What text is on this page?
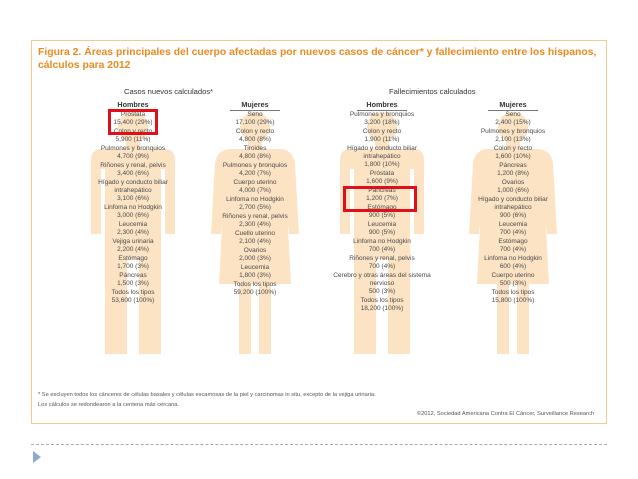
Figura 2. Áreas principales del cuerpo afectadas por nuevos casos de cáncer* y fallecimiento entre los hispanos, cálculos para 2012
Casos nuevos calculados*	Fallecimientos calculados
Hombres
Próstata
15,400 (29%)
Colon y recto
5,900 (11%)
Pulmones y bronquios
4,700 (9%)
Riñones y renal, pelvis
3,400 (6%)
Hígado y conducto biliar intrahepático
3,100 (6%)
Linfoma no Hodgkin
3,000 (6%)
Leucemia
2,300 (4%)
Vejiga urinaria
2,200 (4%)
Estómago
1,700 (3%)
Páncreas
1,500 (3%)
Todos los tipos
53,600 (100%)
Mujeres
Seno
17,100 (29%)
Colon y recto
4,800 (8%)
Tiroides
4,800 (8%)
Pulmones y bronquios
4,200 (7%)
Cuerpo uterino
4,000 (7%)
Linfoma no Hodgkin
2,700 (5%)
Riñones y renal, pelvis
2,300 (4%)
Cuello uterino
2,100 (4%)
Ovarios
2,000 (3%)
Leucemia
1,800 (3%)
Todos los tipos
59,200 (100%)
Hombres
Pulmones y bronquios
3,200 (18%)
Colon y recto
1,900 (11%)
Hígado y conducto biliar intrahepático
1,800 (10%)
Próstata
1,600 (9%)
Páncreas
1,200 (7%)
Estómago
900 (5%)
Leucemia
900 (5%)
Linfoma no Hodgkin
700 (4%)
Riñones y renal, pelvis
700 (4%)
Cerebro y otras áreas del sistema nervioso
500 (3%)
Todos los tipos
18,200 (100%)
Mujeres
Seno
2,400 (15%)
Pulmones y bronquios
2,100 (13%)
Colon y recto
1,600 (10%)
Páncreas
1,200 (8%)
Ovarios
1,000 (6%)
Hígado y conducto biliar intrahepático
900 (6%)
Leucemia
700 (4%)
Estómago
700 (4%)
Linfoma no Hodgkin
600 (4%)
Cuerpo uterino
500 (3%)
Todos los tipos
15,800 (100%)
* Se excluyen todos los cánceres de células basales y células escamosas de la piel y carcinomas in situ, excepto de la vejiga urinaria.
Los cálculos se redondearon a la centena más cercana.
©2012, Sociedad Americana Contra El Cáncer, Surveillance Research
